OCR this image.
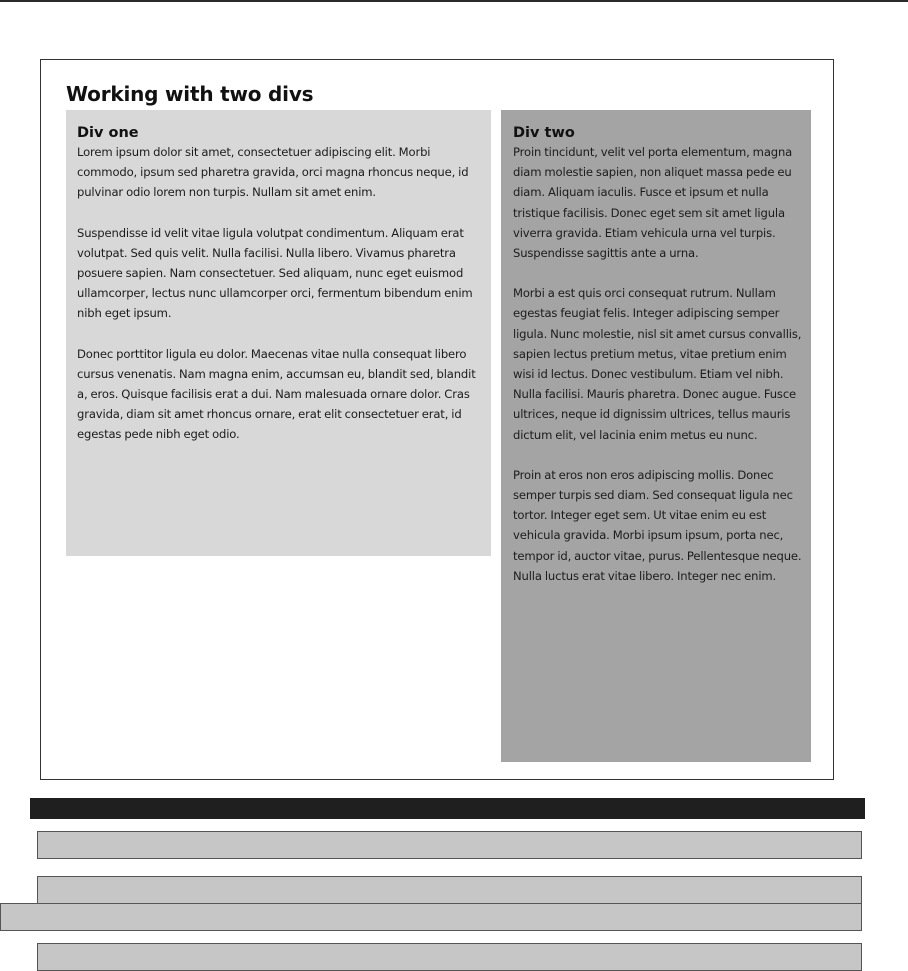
Working with two divs
Div one

Lorem ipsum dolor sit amet, consectetuer adipiscing elit. Morbi commodo, ipsum sed pharetra gravida, orci magna rhoncus neque, id pulvinar odio lorem non turpis. Nullam sit amet enim.

Suspendisse id velit vitae ligula volutpat condimentum. Aliquam erat volutpat. Sed quis velit. Nulla facilisi. Nulla libero. Vivamus pharetra posuere sapien. Nam consectetuer. Sed aliquam, nunc eget euismod ullamcorper, lectus nunc ullamcorper orci, fermentum bibendum enim nibh eget ipsum.

Donec porttitor ligula eu dolor. Maecenas vitae nulla consequat libero cursus venenatis. Nam magna enim, accumsan eu, blandit sed, blandit a, eros. Quisque facilisis erat a dui. Nam malesuada ornare dolor. Cras gravida, diam sit amet rhoncus ornare, erat elit consectetuer erat, id egestas pede nibh eget odio.

Div two

Proin tincidunt, velit vel porta elementum, magna diam molestie sapien, non aliquet massa pede eu diam. Aliquam iaculis. Fusce et ipsum et nulla tristique facilisis. Donec eget sem sit amet ligula viverra gravida. Etiam vehicula urna vel turpis. Suspendisse sagittis ante a urna.

Morbi a est quis orci consequat rutrum. Nullam egestas feugiat felis. Integer adipiscing semper ligula. Nunc molestie, nisl sit amet cursus convallis, sapien lectus pretium metus, vitae pretium enim wisi id lectus. Donec vestibulum. Etiam vel nibh. Nulla facilisi. Mauris pharetra. Donec augue. Fusce ultrices, neque id dignissim ultrices, tellus mauris dictum elit, vel lacinia enim metus eu nunc.

Proin at eros non eros adipiscing mollis. Donec semper turpis sed diam. Sed consequat ligula nec tortor. Integer eget sem. Ut vitae enim eu est vehicula gravida. Morbi ipsum ipsum, porta nec, tempor id, auctor vitae, purus. Pellentesque neque. Nulla luctus erat vitae libero. Integer nec enim.
